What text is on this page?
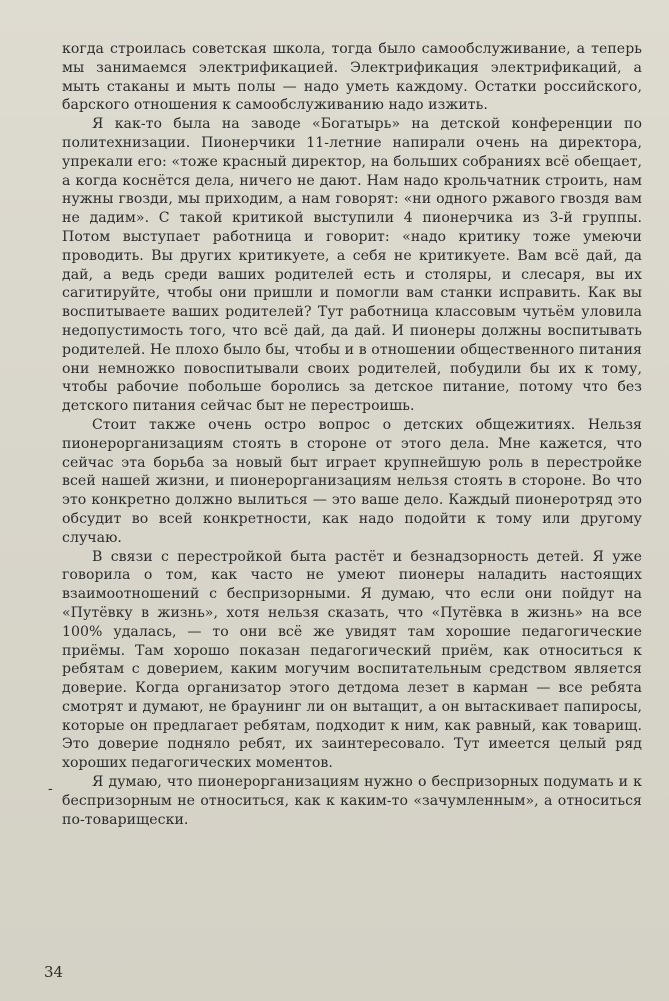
когда строилась советская школа, тогда было самообслуживание, а теперь мы занимаемся электрификацией. Электрификация электрификаций, а мыть стаканы и мыть полы — надо уметь каждому. Остатки российского, барского отношения к самообслуживанию надо изжить.

Я как-то была на заводе «Богатырь» на детской конференции по политехнизации. Пионерчики 11-летние напирали очень на директора, упрекали его: «тоже красный директор, на больших собраниях всё обещает, а когда коснётся дела, ничего не дают. Нам надо крольчатник строить, нам нужны гвозди, мы приходим, а нам говорят: «ни одного ржавого гвоздя вам не дадим». С такой критикой выступили 4 пионерчика из 3-й группы. Потом выступает работница и говорит: «надо критику тоже умеючи проводить. Вы других критикуете, а себя не критикуете. Вам всё дай, да дай, а ведь среди ваших родителей есть и столяры, и слесаря, вы их сагитируйте, чтобы они пришли и помогли вам станки исправить. Как вы воспитываете ваших родителей? Тут работница классовым чутьём уловила недопустимость того, что всё дай, да дай. И пионеры должны воспитывать родителей. Не плохо было бы, чтобы и в отношении общественного питания они немножко повоспитывали своих родителей, побудили бы их к тому, чтобы рабочие побольше боролись за детское питание, потому что без детского питания сейчас быт не перестроишь.

Стоит также очень остро вопрос о детских общежитиях. Нельзя пионерорганизациям стоять в стороне от этого дела. Мне кажется, что сейчас эта борьба за новый быт играет крупнейшую роль в перестройке всей нашей жизни, и пионерорганизациям нельзя стоять в стороне. Во что это конкретно должно вылиться — это ваше дело. Каждый пионеротряд это обсудит во всей конкретности, как надо подойти к тому или другому случаю.

В связи с перестройкой быта растёт и безнадзорность детей. Я уже говорила о том, как часто не умеют пионеры наладить настоящих взаимоотношений с беспризорными. Я думаю, что если они пойдут на «Путёвку в жизнь», хотя нельзя сказать, что «Путёвка в жизнь» на все 100% удалась, — то они всё же увидят там хорошие педагогические приёмы. Там хорошо показан педагогический приём, как относиться к ребятам с доверием, каким могучим воспитательным средством является доверие. Когда организатор этого детдома лезет в карман — все ребята смотрят и думают, не браунинг ли он вытащит, а он вытаскивает папиросы, которые он предлагает ребятам, подходит к ним, как равный, как товарищ. Это доверие подняло ребят, их заинтересовало. Тут имеется целый ряд хороших педагогических моментов.

Я думаю, что пионерорганизациям нужно о беспризорных подумать и к беспризорным не относиться, как к каким-то «зачумленным», а относиться по-товарищески.

-
34
